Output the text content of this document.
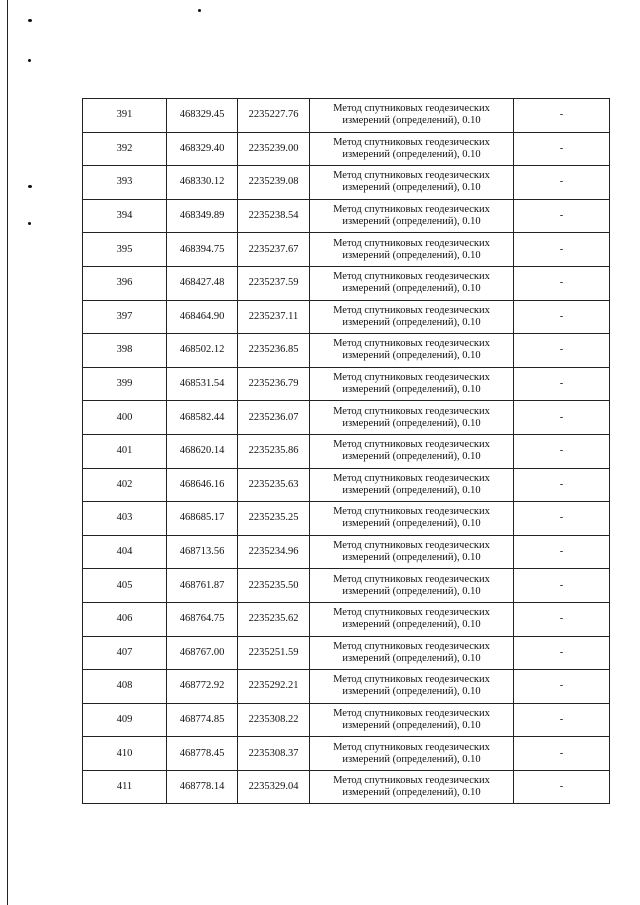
391	468329.45	2235227.76	Метод спутниковых геодезических измерений (определений), 0.10	-
392	468329.40	2235239.00	Метод спутниковых геодезических измерений (определений), 0.10	-
393	468330.12	2235239.08	Метод спутниковых геодезических измерений (определений), 0.10	-
394	468349.89	2235238.54	Метод спутниковых геодезических измерений (определений), 0.10	-
395	468394.75	2235237.67	Метод спутниковых геодезических измерений (определений), 0.10	-
396	468427.48	2235237.59	Метод спутниковых геодезических измерений (определений), 0.10	-
397	468464.90	2235237.11	Метод спутниковых геодезических измерений (определений), 0.10	-
398	468502.12	2235236.85	Метод спутниковых геодезических измерений (определений), 0.10	-
399	468531.54	2235236.79	Метод спутниковых геодезических измерений (определений), 0.10	-
400	468582.44	2235236.07	Метод спутниковых геодезических измерений (определений), 0.10	-
401	468620.14	2235235.86	Метод спутниковых геодезических измерений (определений), 0.10	-
402	468646.16	2235235.63	Метод спутниковых геодезических измерений (определений), 0.10	-
403	468685.17	2235235.25	Метод спутниковых геодезических измерений (определений), 0.10	-
404	468713.56	2235234.96	Метод спутниковых геодезических измерений (определений), 0.10	-
405	468761.87	2235235.50	Метод спутниковых геодезических измерений (определений), 0.10	-
406	468764.75	2235235.62	Метод спутниковых геодезических измерений (определений), 0.10	-
407	468767.00	2235251.59	Метод спутниковых геодезических измерений (определений), 0.10	-
408	468772.92	2235292.21	Метод спутниковых геодезических измерений (определений), 0.10	-
409	468774.85	2235308.22	Метод спутниковых геодезических измерений (определений), 0.10	-
410	468778.45	2235308.37	Метод спутниковых геодезических измерений (определений), 0.10	-
411	468778.14	2235329.04	Метод спутниковых геодезических измерений (определений), 0.10	-
